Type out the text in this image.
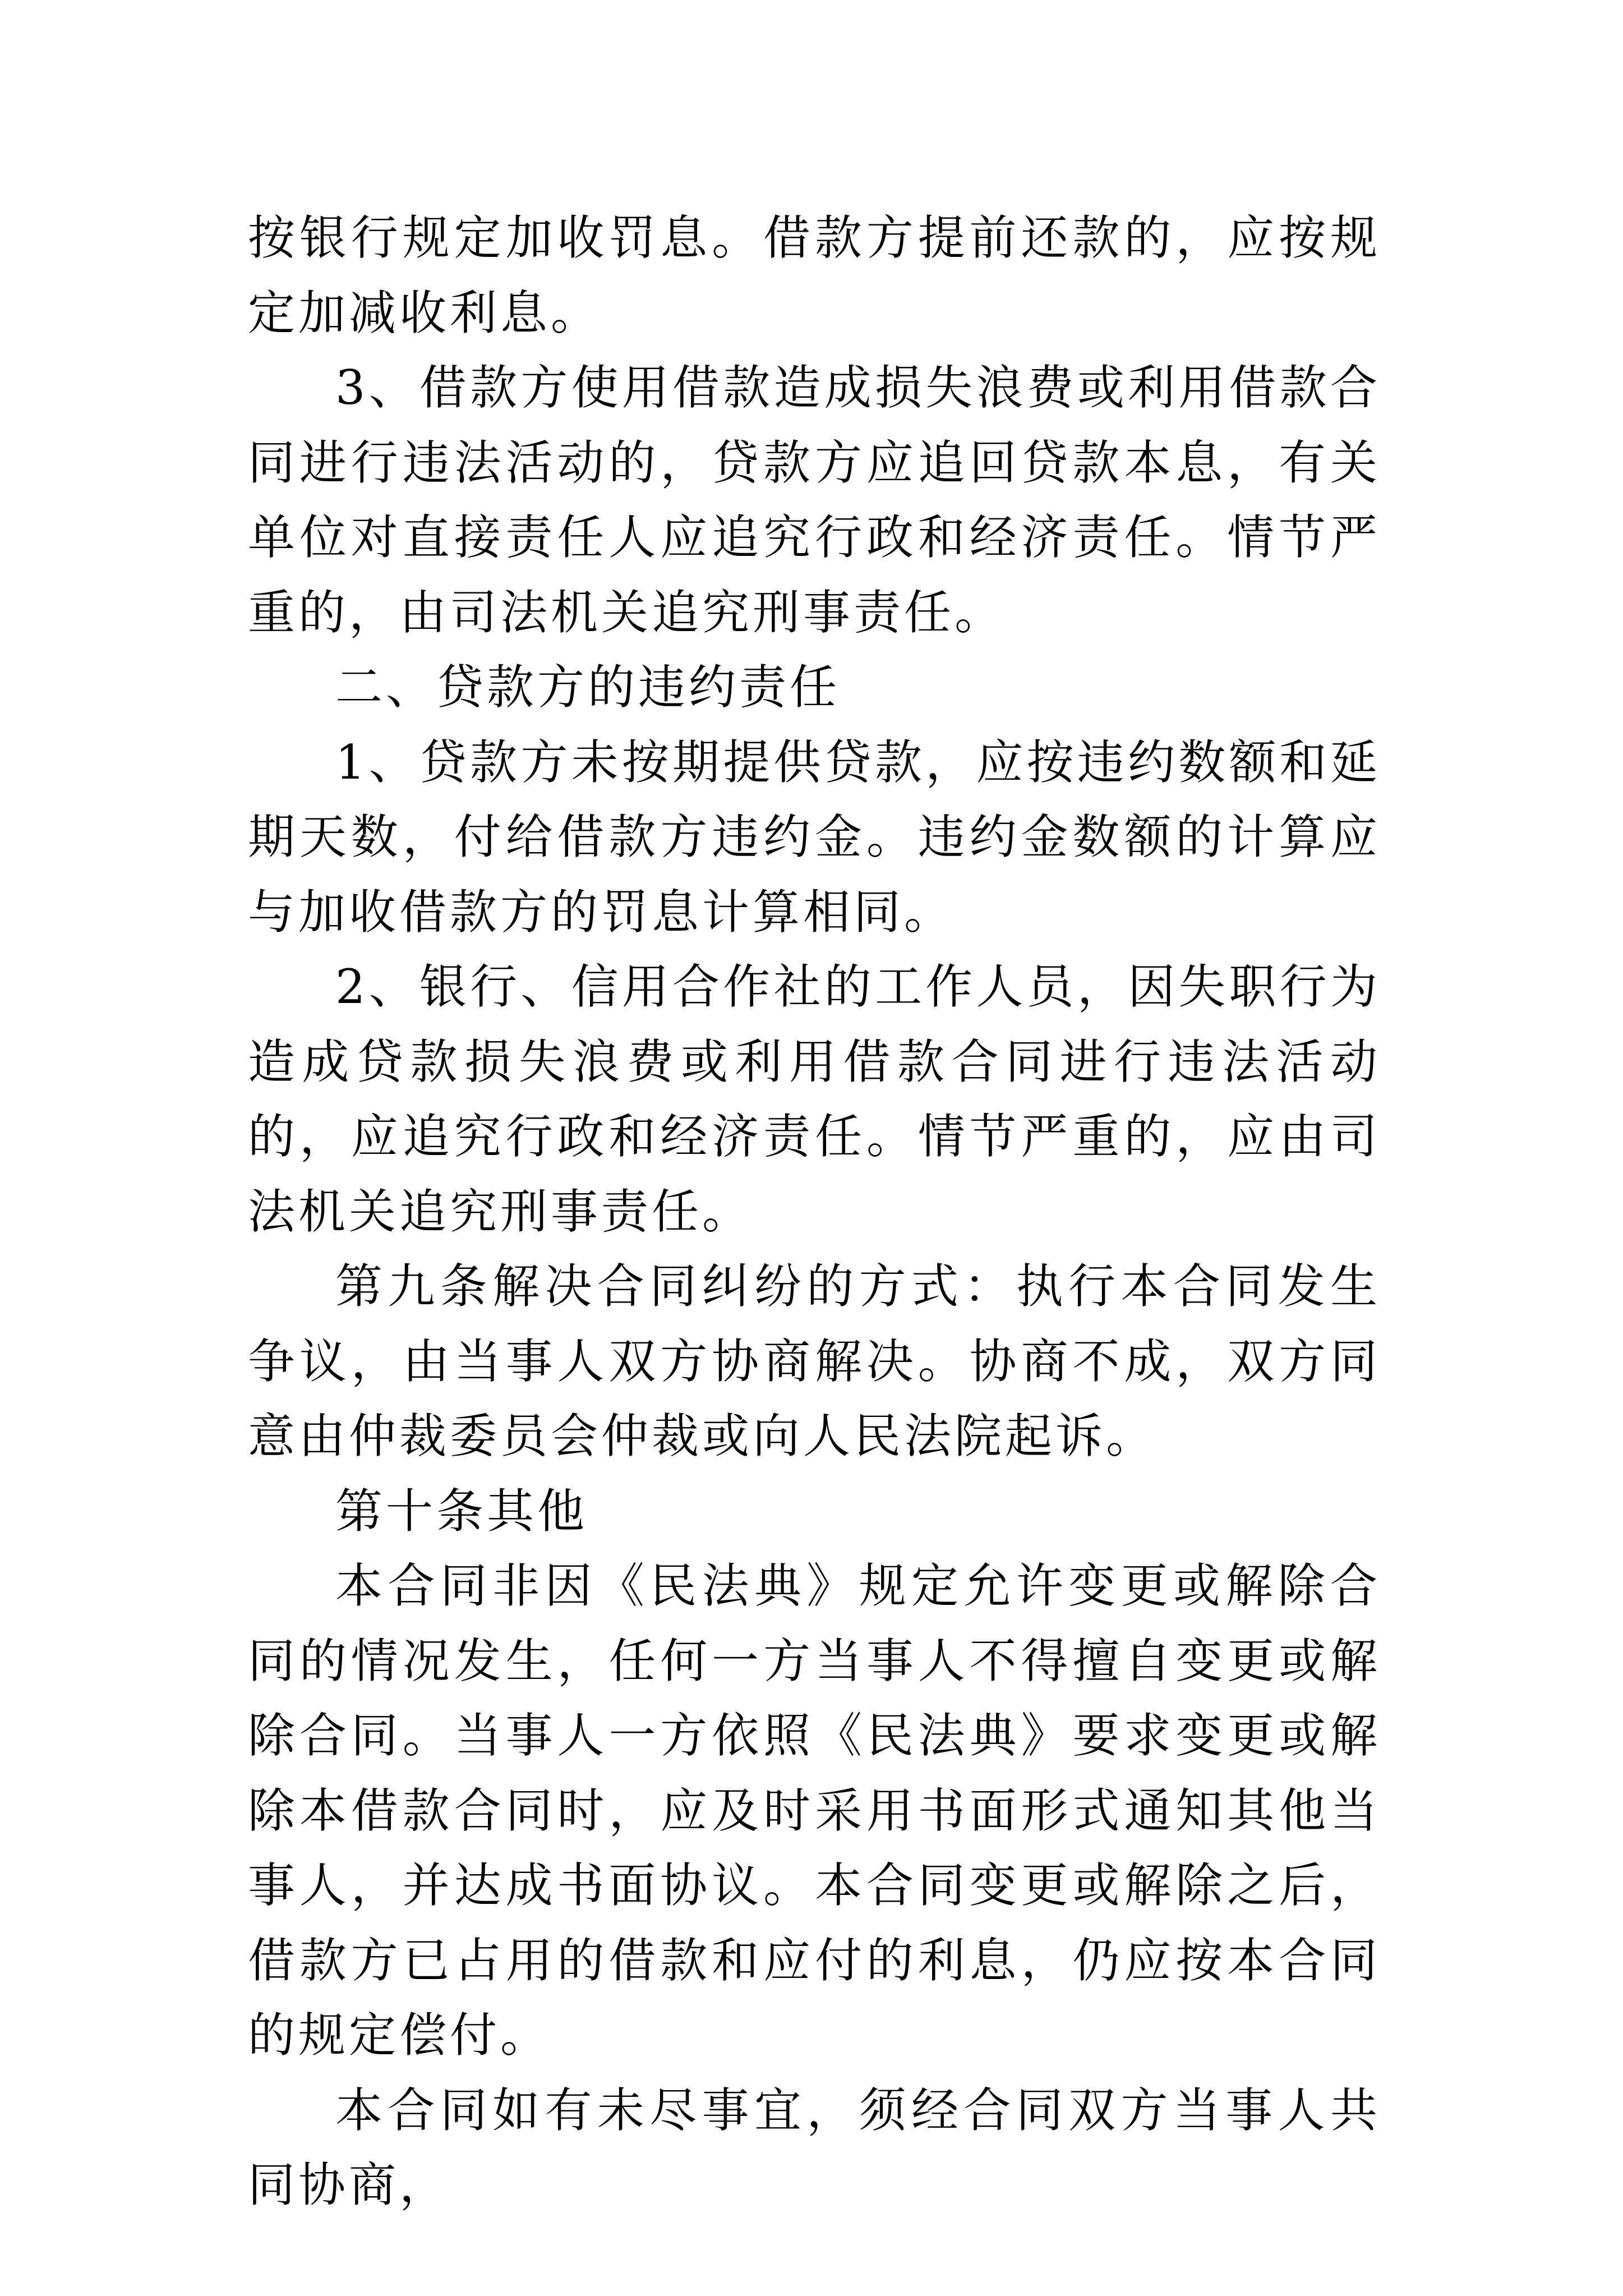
按银行规定加收罚息。借款方提前还款的，应按规定加减收利息。

3、借款方使用借款造成损失浪费或利用借款合同进行违法活动的，贷款方应追回贷款本息，有关单位对直接责任人应追究行政和经济责任。情节严重的，由司法机关追究刑事责任。

二、贷款方的违约责任

1、贷款方未按期提供贷款，应按违约数额和延期天数，付给借款方违约金。违约金数额的计算应与加收借款方的罚息计算相同。

2、银行、信用合作社的工作人员，因失职行为造成贷款损失浪费或利用借款合同进行违法活动的，应追究行政和经济责任。情节严重的，应由司法机关追究刑事责任。

第九条解决合同纠纷的方式：执行本合同发生争议，由当事人双方协商解决。协商不成，双方同意由仲裁委员会仲裁或向人民法院起诉。

第十条其他

本合同非因《民法典》规定允许变更或解除合同的情况发生，任何一方当事人不得擅自变更或解除合同。当事人一方依照《民法典》要求变更或解除本借款合同时，应及时采用书面形式通知其他当事人，并达成书面协议。本合同变更或解除之后，借款方已占用的借款和应付的利息，仍应按本合同的规定偿付。

本合同如有未尽事宜，须经合同双方当事人共同协商，
